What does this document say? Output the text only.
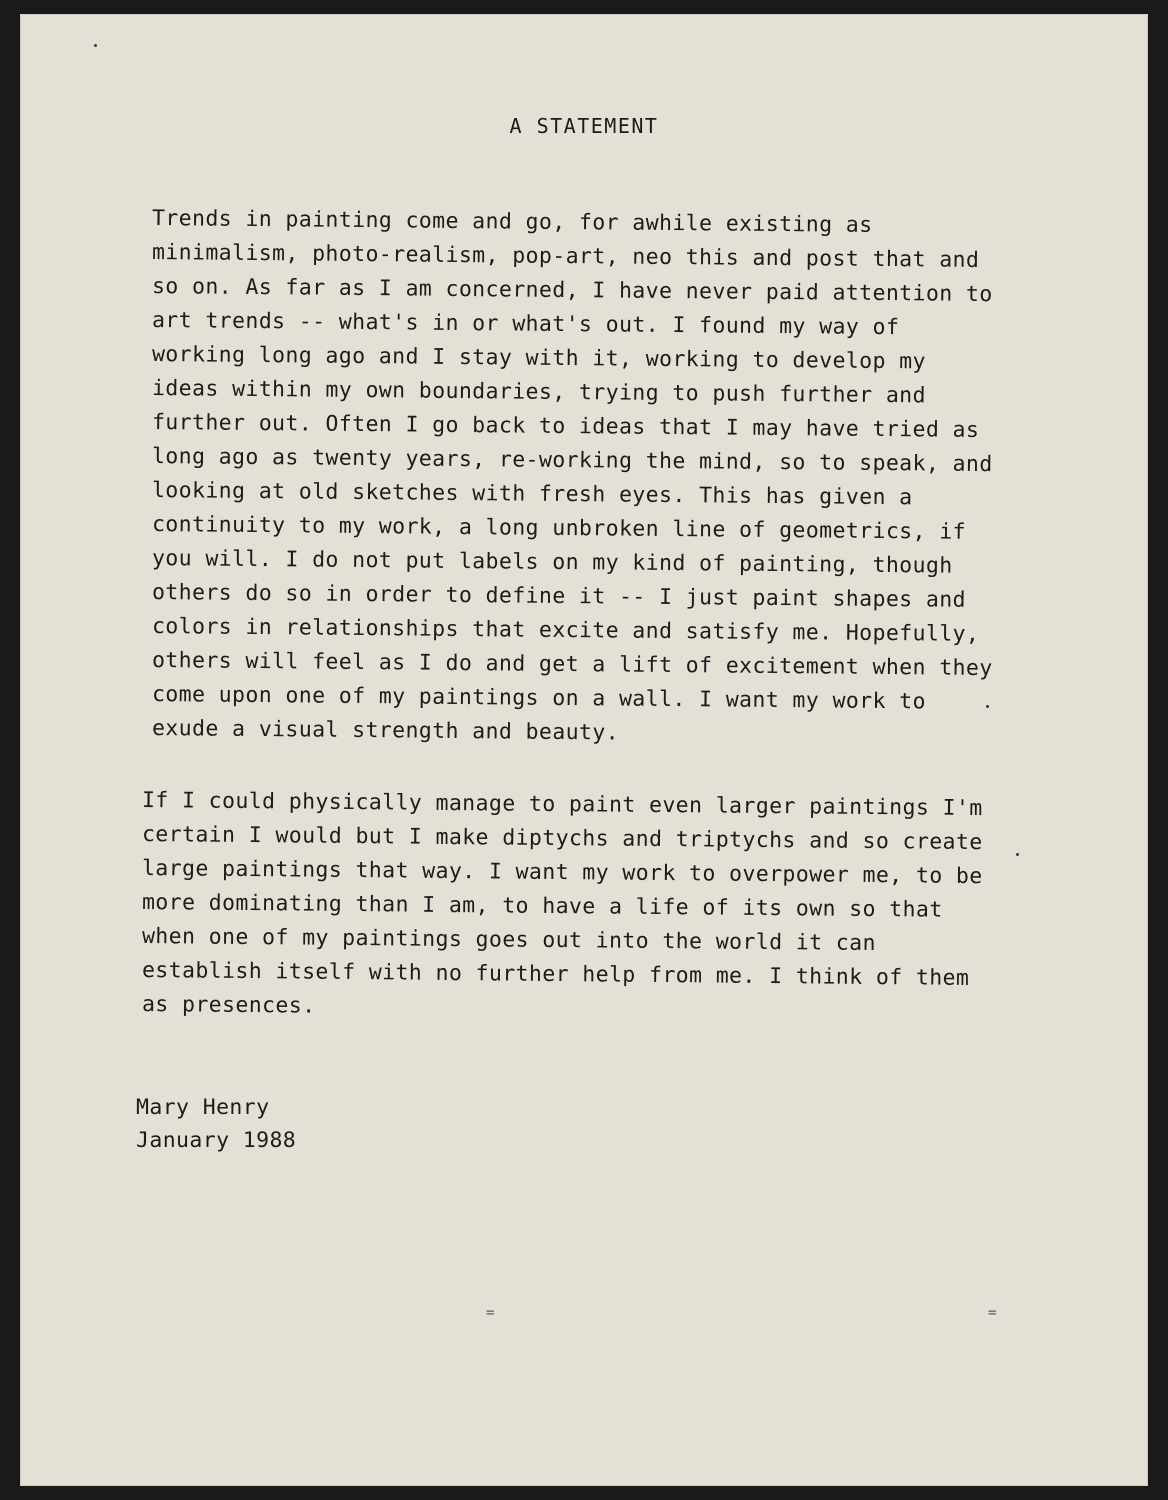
A STATEMENT
Trends in painting come and go, for awhile existing as
minimalism, photo-realism, pop-art, neo this and post that and
so on. As far as I am concerned, I have never paid attention to
art trends -- what's in or what's out. I found my way of
working long ago and I stay with it, working to develop my
ideas within my own boundaries, trying to push further and
further out. Often I go back to ideas that I may have tried as
long ago as twenty years, re-working the mind, so to speak, and
looking at old sketches with fresh eyes. This has given a
continuity to my work, a long unbroken line of geometrics, if
you will. I do not put labels on my kind of painting, though
others do so in order to define it -- I just paint shapes and
colors in relationships that excite and satisfy me. Hopefully,
others will feel as I do and get a lift of excitement when they
come upon one of my paintings on a wall. I want my work to
exude a visual strength and beauty.
If I could physically manage to paint even larger paintings I'm
certain I would but I make diptychs and triptychs and so create
large paintings that way. I want my work to overpower me, to be
more dominating than I am, to have a life of its own so that
when one of my paintings goes out into the world it can
establish itself with no further help from me. I think of them
as presences.
Mary Henry
January 1988
=	=
